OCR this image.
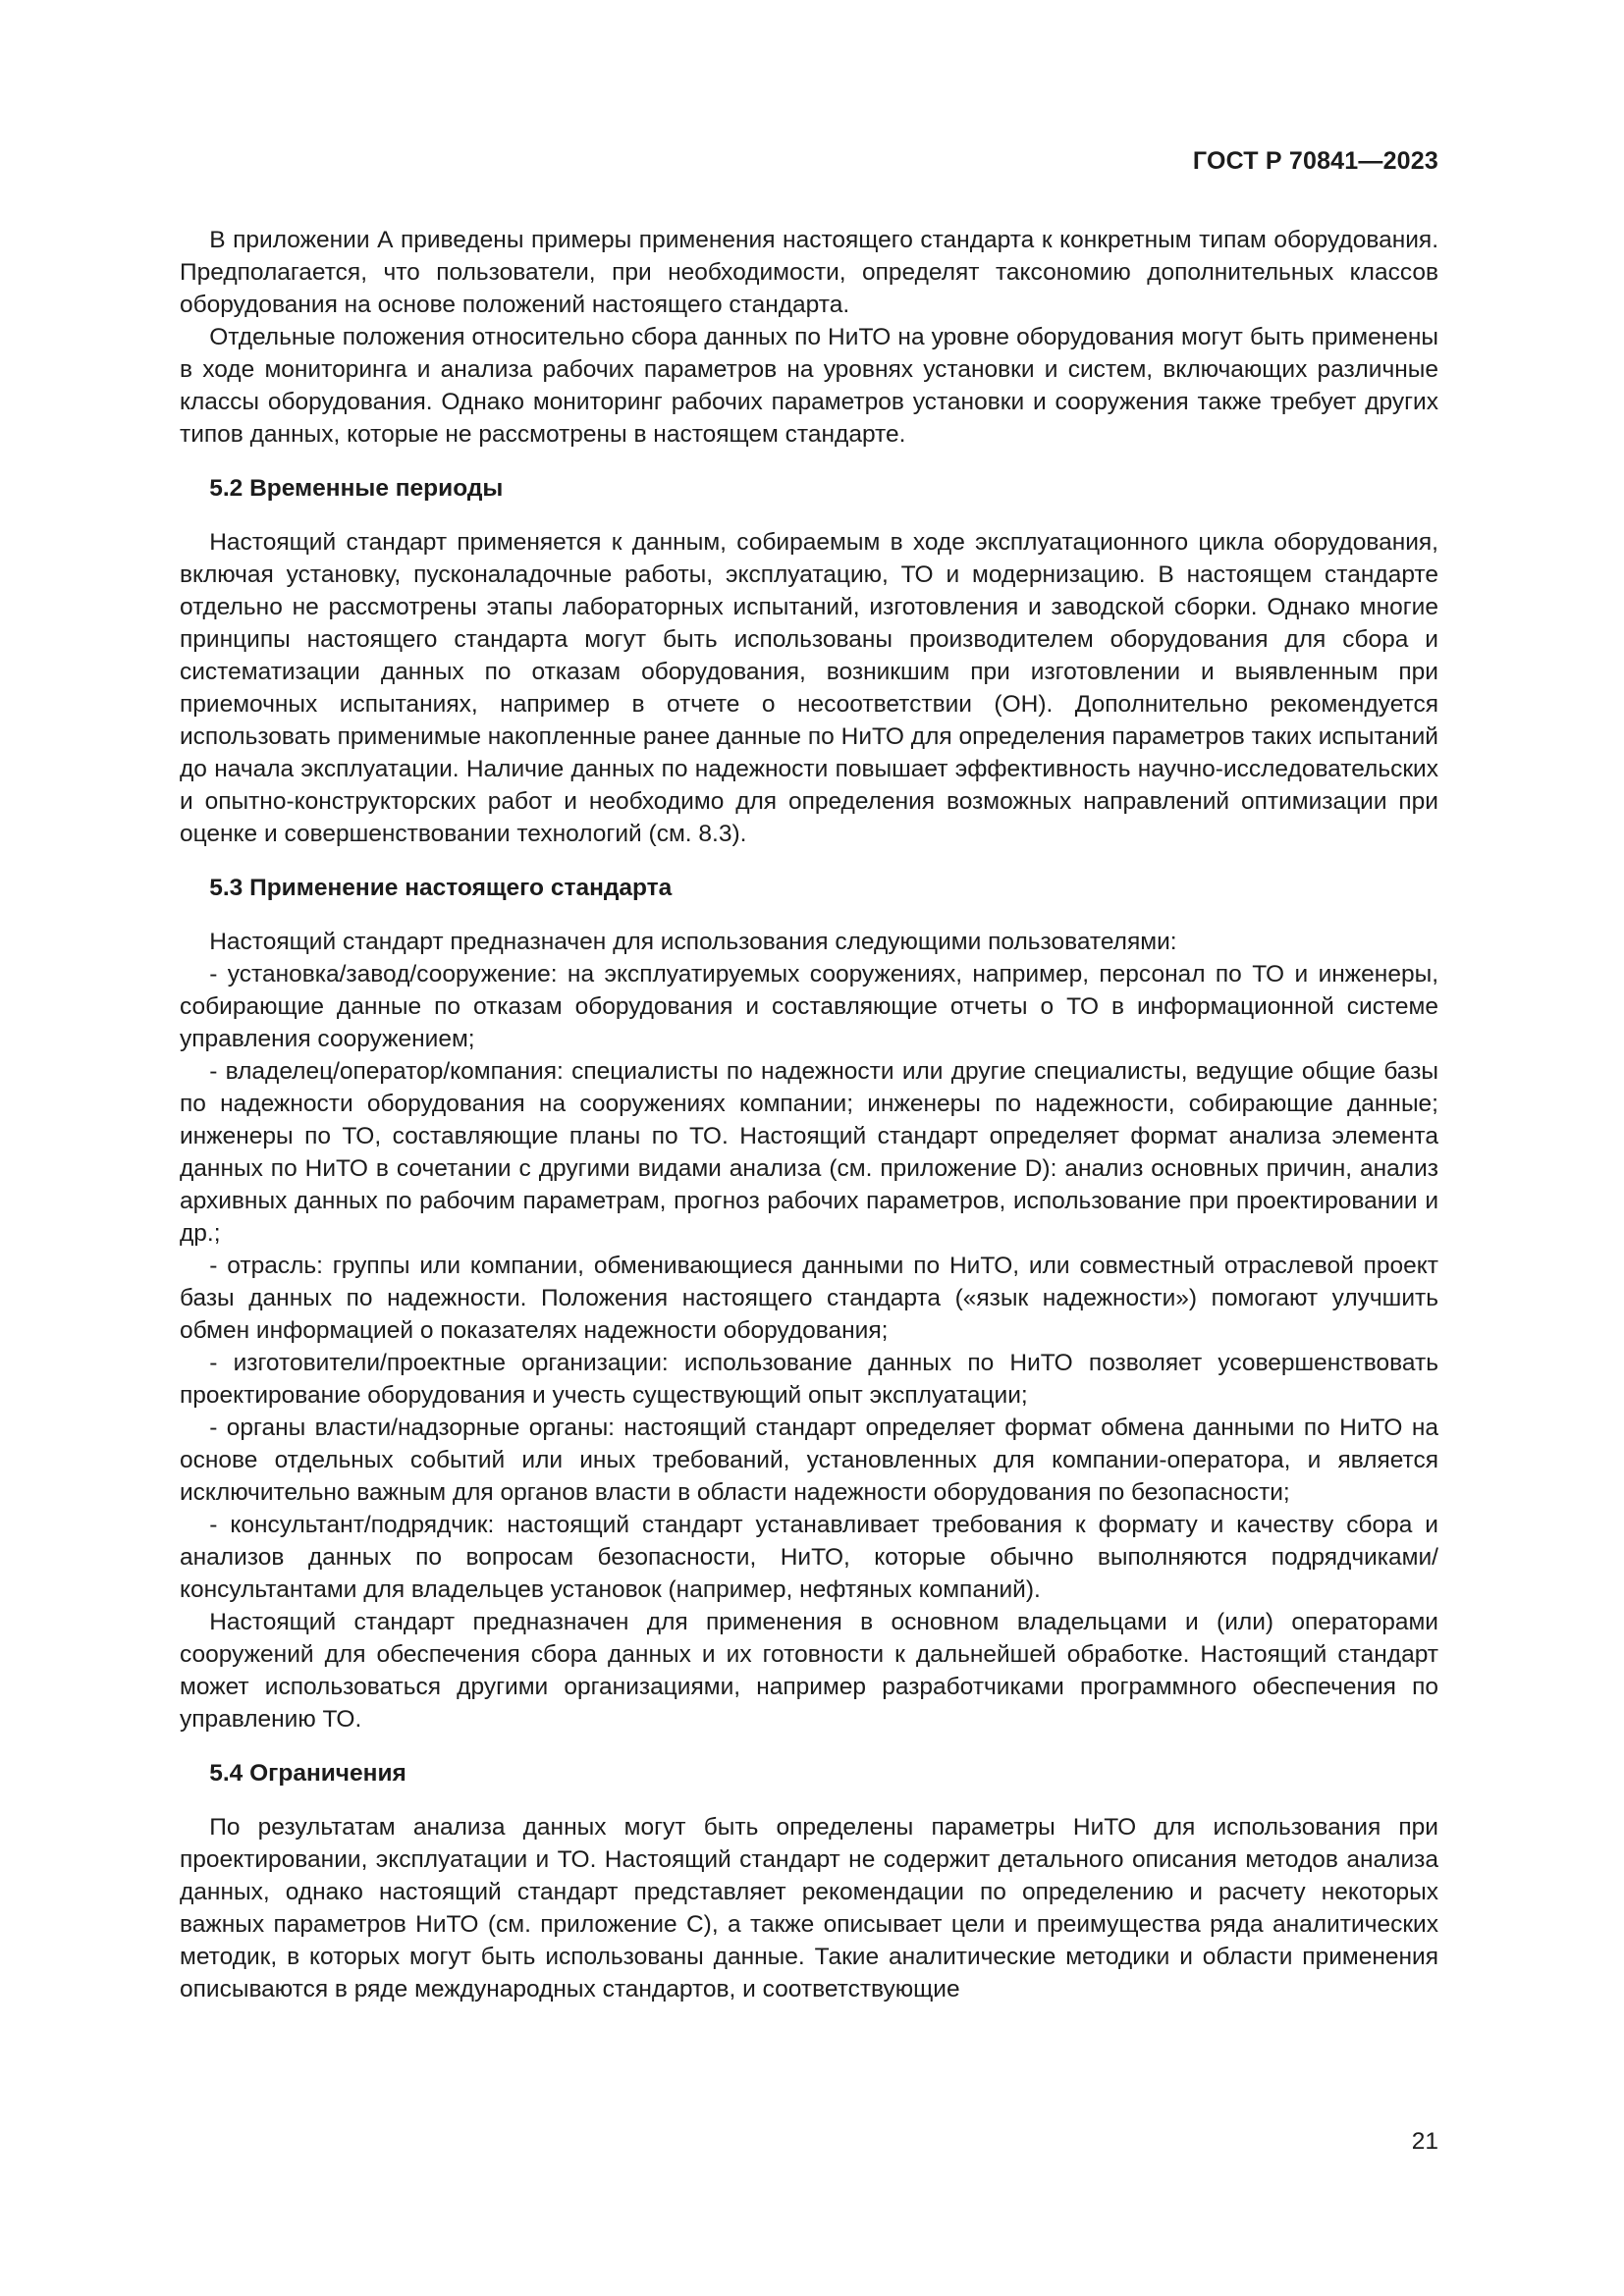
ГОСТ Р 70841—2023

В приложении А приведены примеры применения настоящего стандарта к конкретным типам оборудования. Предполагается, что пользователи, при необходимости, определят таксономию дополнительных классов оборудования на основе положений настоящего стандарта.

Отдельные положения относительно сбора данных по НиТО на уровне оборудования могут быть применены в ходе мониторинга и анализа рабочих параметров на уровнях установки и систем, включающих различные классы оборудования. Однако мониторинг рабочих параметров установки и сооружения также требует других типов данных, которые не рассмотрены в настоящем стандарте.

5.2 Временные периоды

Настоящий стандарт применяется к данным, собираемым в ходе эксплуатационного цикла оборудования, включая установку, пусконаладочные работы, эксплуатацию, ТО и модернизацию. В настоящем стандарте отдельно не рассмотрены этапы лабораторных испытаний, изготовления и заводской сборки. Однако многие принципы настоящего стандарта могут быть использованы производителем оборудования для сбора и систематизации данных по отказам оборудования, возникшим при изготовлении и выявленным при приемочных испытаниях, например в отчете о несоответствии (ОН). Дополнительно рекомендуется использовать применимые накопленные ранее данные по НиТО для определения параметров таких испытаний до начала эксплуатации. Наличие данных по надежности повышает эффективность научно-исследовательских и опытно-конструкторских работ и необходимо для определения возможных направлений оптимизации при оценке и совершенствовании технологий (см. 8.3).

5.3 Применение настоящего стандарта

Настоящий стандарт предназначен для использования следующими пользователями:

- установка/завод/сооружение: на эксплуатируемых сооружениях, например, персонал по ТО и инженеры, собирающие данные по отказам оборудования и составляющие отчеты о ТО в информационной системе управления сооружением;

- владелец/оператор/компания: специалисты по надежности или другие специалисты, ведущие общие базы по надежности оборудования на сооружениях компании; инженеры по надежности, собирающие данные; инженеры по ТО, составляющие планы по ТО. Настоящий стандарт определяет формат анализа элемента данных по НиТО в сочетании с другими видами анализа (см. приложение D): анализ основных причин, анализ архивных данных по рабочим параметрам, прогноз рабочих параметров, использование при проектировании и др.;

- отрасль: группы или компании, обменивающиеся данными по НиТО, или совместный отраслевой проект базы данных по надежности. Положения настоящего стандарта («язык надежности») помогают улучшить обмен информацией о показателях надежности оборудования;

- изготовители/проектные организации: использование данных по НиТО позволяет усовершенствовать проектирование оборудования и учесть существующий опыт эксплуатации;

- органы власти/надзорные органы: настоящий стандарт определяет формат обмена данными по НиТО на основе отдельных событий или иных требований, установленных для компании-оператора, и является исключительно важным для органов власти в области надежности оборудования по безопасности;

- консультант/подрядчик: настоящий стандарт устанавливает требования к формату и качеству сбора и анализов данных по вопросам безопасности, НиТО, которые обычно выполняются подрядчиками/консультантами для владельцев установок (например, нефтяных компаний).

Настоящий стандарт предназначен для применения в основном владельцами и (или) операторами сооружений для обеспечения сбора данных и их готовности к дальнейшей обработке. Настоящий стандарт может использоваться другими организациями, например разработчиками программного обеспечения по управлению ТО.

5.4 Ограничения

По результатам анализа данных могут быть определены параметры НиТО для использования при проектировании, эксплуатации и ТО. Настоящий стандарт не содержит детального описания методов анализа данных, однако настоящий стандарт представляет рекомендации по определению и расчету некоторых важных параметров НиТО (см. приложение С), а также описывает цели и преимущества ряда аналитических методик, в которых могут быть использованы данные. Такие аналитические методики и области применения описываются в ряде международных стандартов, и соответствующие

21
